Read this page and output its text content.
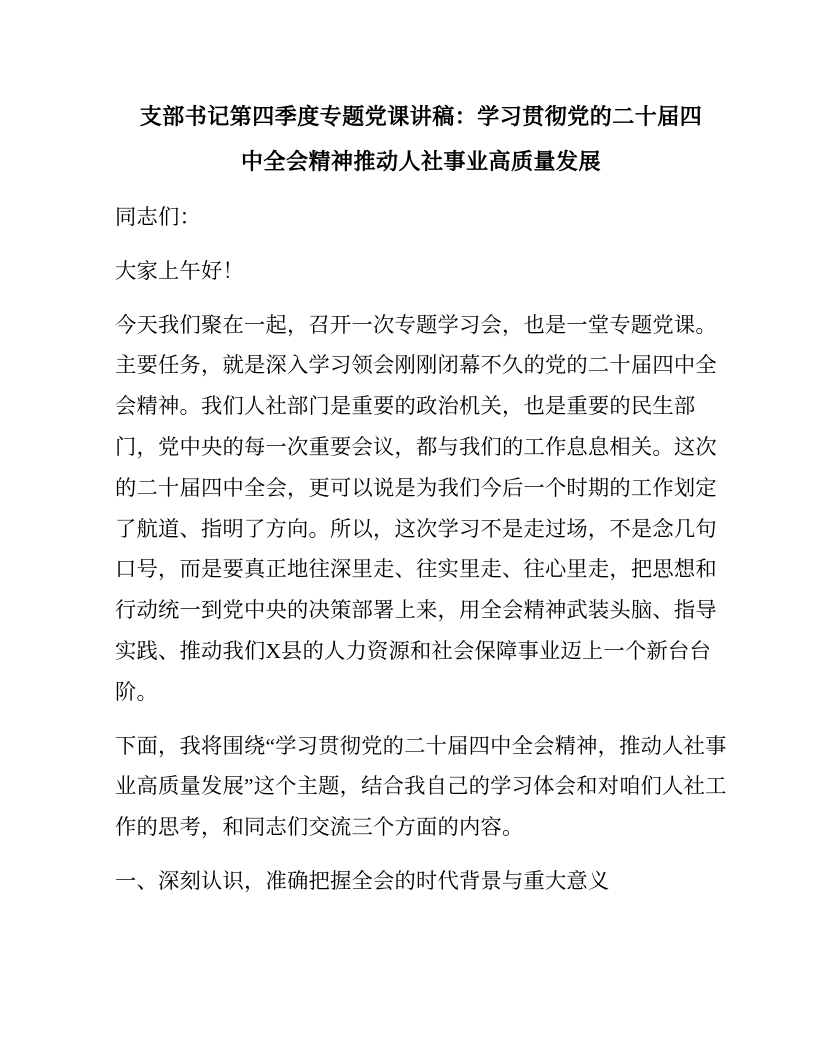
支部书记第四季度专题党课讲稿：学习贯彻党的二十届四中全会精神推动人社事业高质量发展

同志们：

大家上午好！

今天我们聚在一起，召开一次专题学习会，也是一堂专题党课。主要任务，就是深入学习领会刚刚闭幕不久的党的二十届四中全会精神。我们人社部门是重要的政治机关，也是重要的民生部门，党中央的每一次重要会议，都与我们的工作息息相关。这次的二十届四中全会，更可以说是为我们今后一个时期的工作划定了航道、指明了方向。所以，这次学习不是走过场，不是念几句口号，而是要真正地往深里走、往实里走、往心里走，把思想和行动统一到党中央的决策部署上来，用全会精神武装头脑、指导实践、推动我们X县的人力资源和社会保障事业迈上一个新台台阶。

下面，我将围绕“学习贯彻党的二十届四中全会精神，推动人社事业高质量发展”这个主题，结合我自己的学习体会和对咱们人社工作的思考，和同志们交流三个方面的内容。

一、深刻认识，准确把握全会的时代背景与重大意义
